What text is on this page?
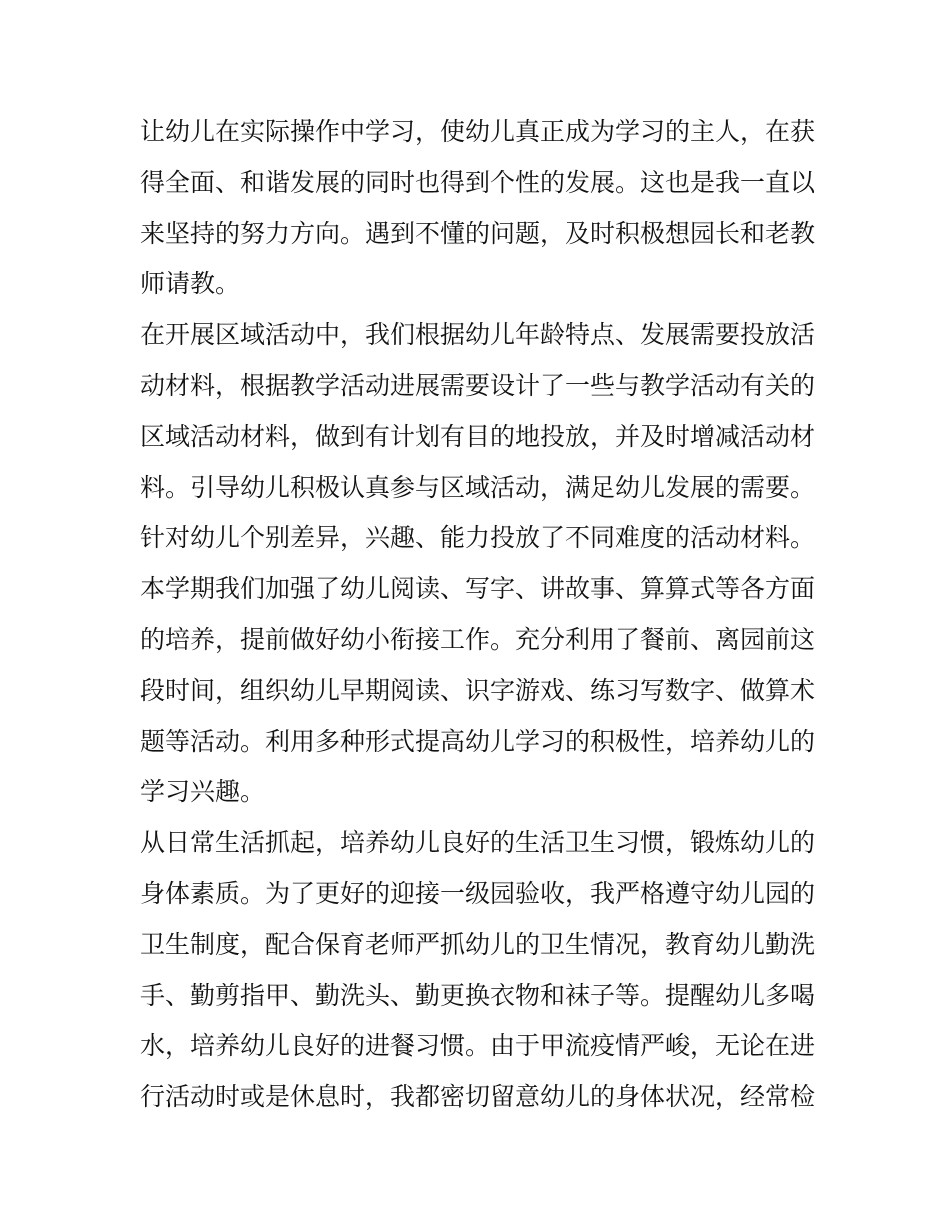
让幼儿在实际操作中学习，使幼儿真正成为学习的主人，在获
得全面、和谐发展的同时也得到个性的发展。这也是我一直以
来坚持的努力方向。遇到不懂的问题，及时积极想园长和老教
师请教。
在开展区域活动中，我们根据幼儿年龄特点、发展需要投放活
动材料，根据教学活动进展需要设计了一些与教学活动有关的
区域活动材料，做到有计划有目的地投放，并及时增减活动材
料。引导幼儿积极认真参与区域活动，满足幼儿发展的需要。
针对幼儿个别差异，兴趣、能力投放了不同难度的活动材料。
本学期我们加强了幼儿阅读、写字、讲故事、算算式等各方面
的培养，提前做好幼小衔接工作。充分利用了餐前、离园前这
段时间，组织幼儿早期阅读、识字游戏、练习写数字、做算术
题等活动。利用多种形式提高幼儿学习的积极性，培养幼儿的
学习兴趣。
从日常生活抓起，培养幼儿良好的生活卫生习惯，锻炼幼儿的
身体素质。为了更好的迎接一级园验收，我严格遵守幼儿园的
卫生制度，配合保育老师严抓幼儿的卫生情况，教育幼儿勤洗
手、勤剪指甲、勤洗头、勤更换衣物和袜子等。提醒幼儿多喝
水，培养幼儿良好的进餐习惯。由于甲流疫情严峻，无论在进
行活动时或是休息时，我都密切留意幼儿的身体状况，经常检
